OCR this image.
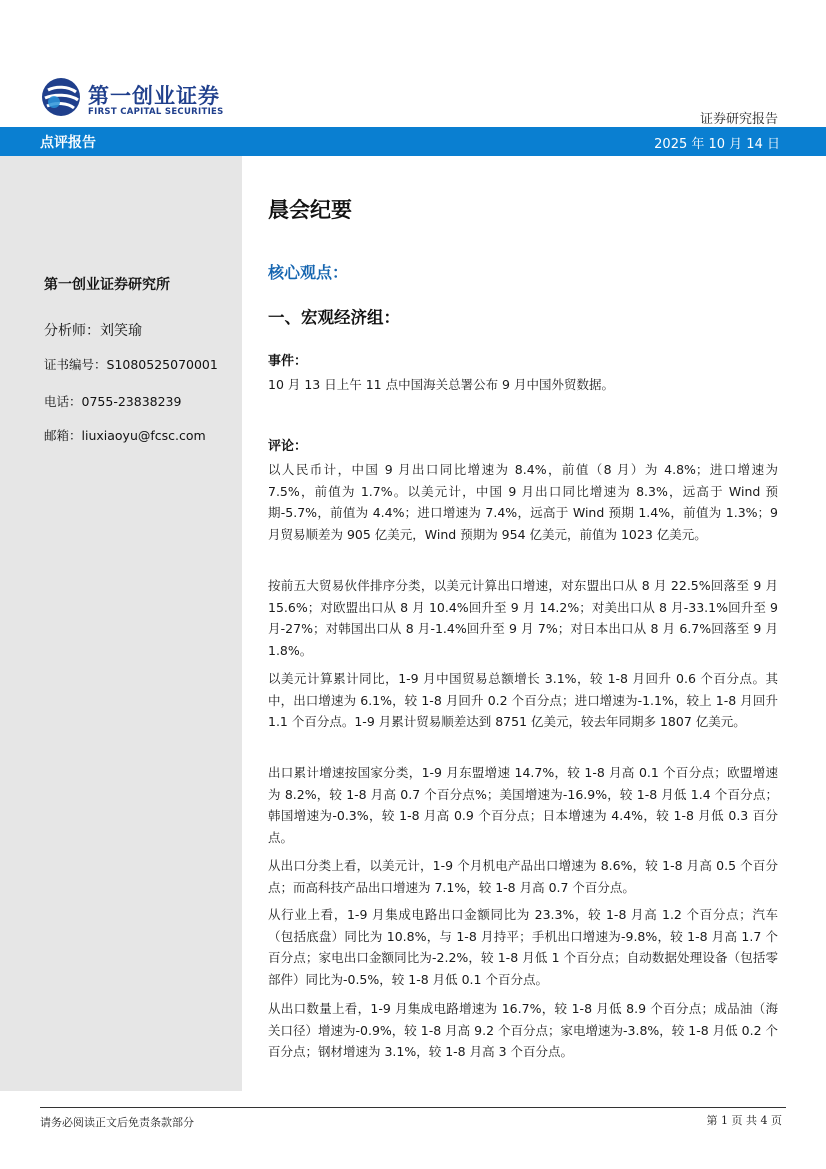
第一创业证券
FIRST CAPITAL SECURITIES	证券研究报告
点评报告	2025 年 10 月 14 日
第一创业证券研究所
分析师：刘笑瑜
证书编号：S1080525070001
电话：0755-23838239
邮箱：liuxiaoyu@fcsc.com
晨会纪要
核心观点：
一、宏观经济组：
事件：
10 月 13 日上午 11 点中国海关总署公布 9 月中国外贸数据。
评论：
以人民币计，中国 9 月出口同比增速为 8.4%，前值（8 月）为 4.8%；进口增速为 7.5%，前值为 1.7%。以美元计，中国 9 月出口同比增速为 8.3%，远高于 Wind 预期-5.7%，前值为 4.4%；进口增速为 7.4%，远高于 Wind 预期 1.4%，前值为 1.3%；9 月贸易顺差为 905 亿美元，Wind 预期为 954 亿美元，前值为 1023 亿美元。
按前五大贸易伙伴排序分类，以美元计算出口增速，对东盟出口从 8 月 22.5%回落至 9 月 15.6%；对欧盟出口从 8 月 10.4%回升至 9 月 14.2%；对美出口从 8 月-33.1%回升至 9 月-27%；对韩国出口从 8 月-1.4%回升至 9 月 7%；对日本出口从 8 月 6.7%回落至 9 月 1.8%。
以美元计算累计同比，1-9 月中国贸易总额增长 3.1%，较 1-8 月回升 0.6 个百分点。其中，出口增速为 6.1%，较 1-8 月回升 0.2 个百分点；进口增速为-1.1%，较上 1-8 月回升 1.1 个百分点。1-9 月累计贸易顺差达到 8751 亿美元，较去年同期多 1807 亿美元。
出口累计增速按国家分类，1-9 月东盟增速 14.7%，较 1-8 月高 0.1 个百分点；欧盟增速为 8.2%，较 1-8 月高 0.7 个百分点%；美国增速为-16.9%，较 1-8 月低 1.4 个百分点；韩国增速为-0.3%，较 1-8 月高 0.9 个百分点；日本增速为 4.4%，较 1-8 月低 0.3 百分点。
从出口分类上看，以美元计，1-9 个月机电产品出口增速为 8.6%，较 1-8 月高 0.5 个百分点；而高科技产品出口增速为 7.1%，较 1-8 月高 0.7 个百分点。
从行业上看，1-9 月集成电路出口金额同比为 23.3%，较 1-8 月高 1.2 个百分点；汽车（包括底盘）同比为 10.8%，与 1-8 月持平；手机出口增速为-9.8%，较 1-8 月高 1.7 个百分点；家电出口金额同比为-2.2%，较 1-8 月低 1 个百分点；自动数据处理设备（包括零部件）同比为-0.5%，较 1-8 月低 0.1 个百分点。
从出口数量上看，1-9 月集成电路增速为 16.7%，较 1-8 月低 8.9 个百分点；成品油（海关口径）增速为-0.9%，较 1-8 月高 9.2 个百分点；家电增速为-3.8%，较 1-8 月低 0.2 个百分点；钢材增速为 3.1%，较 1-8 月高 3 个百分点。
请务必阅读正文后免责条款部分	第 1 页 共 4 页
